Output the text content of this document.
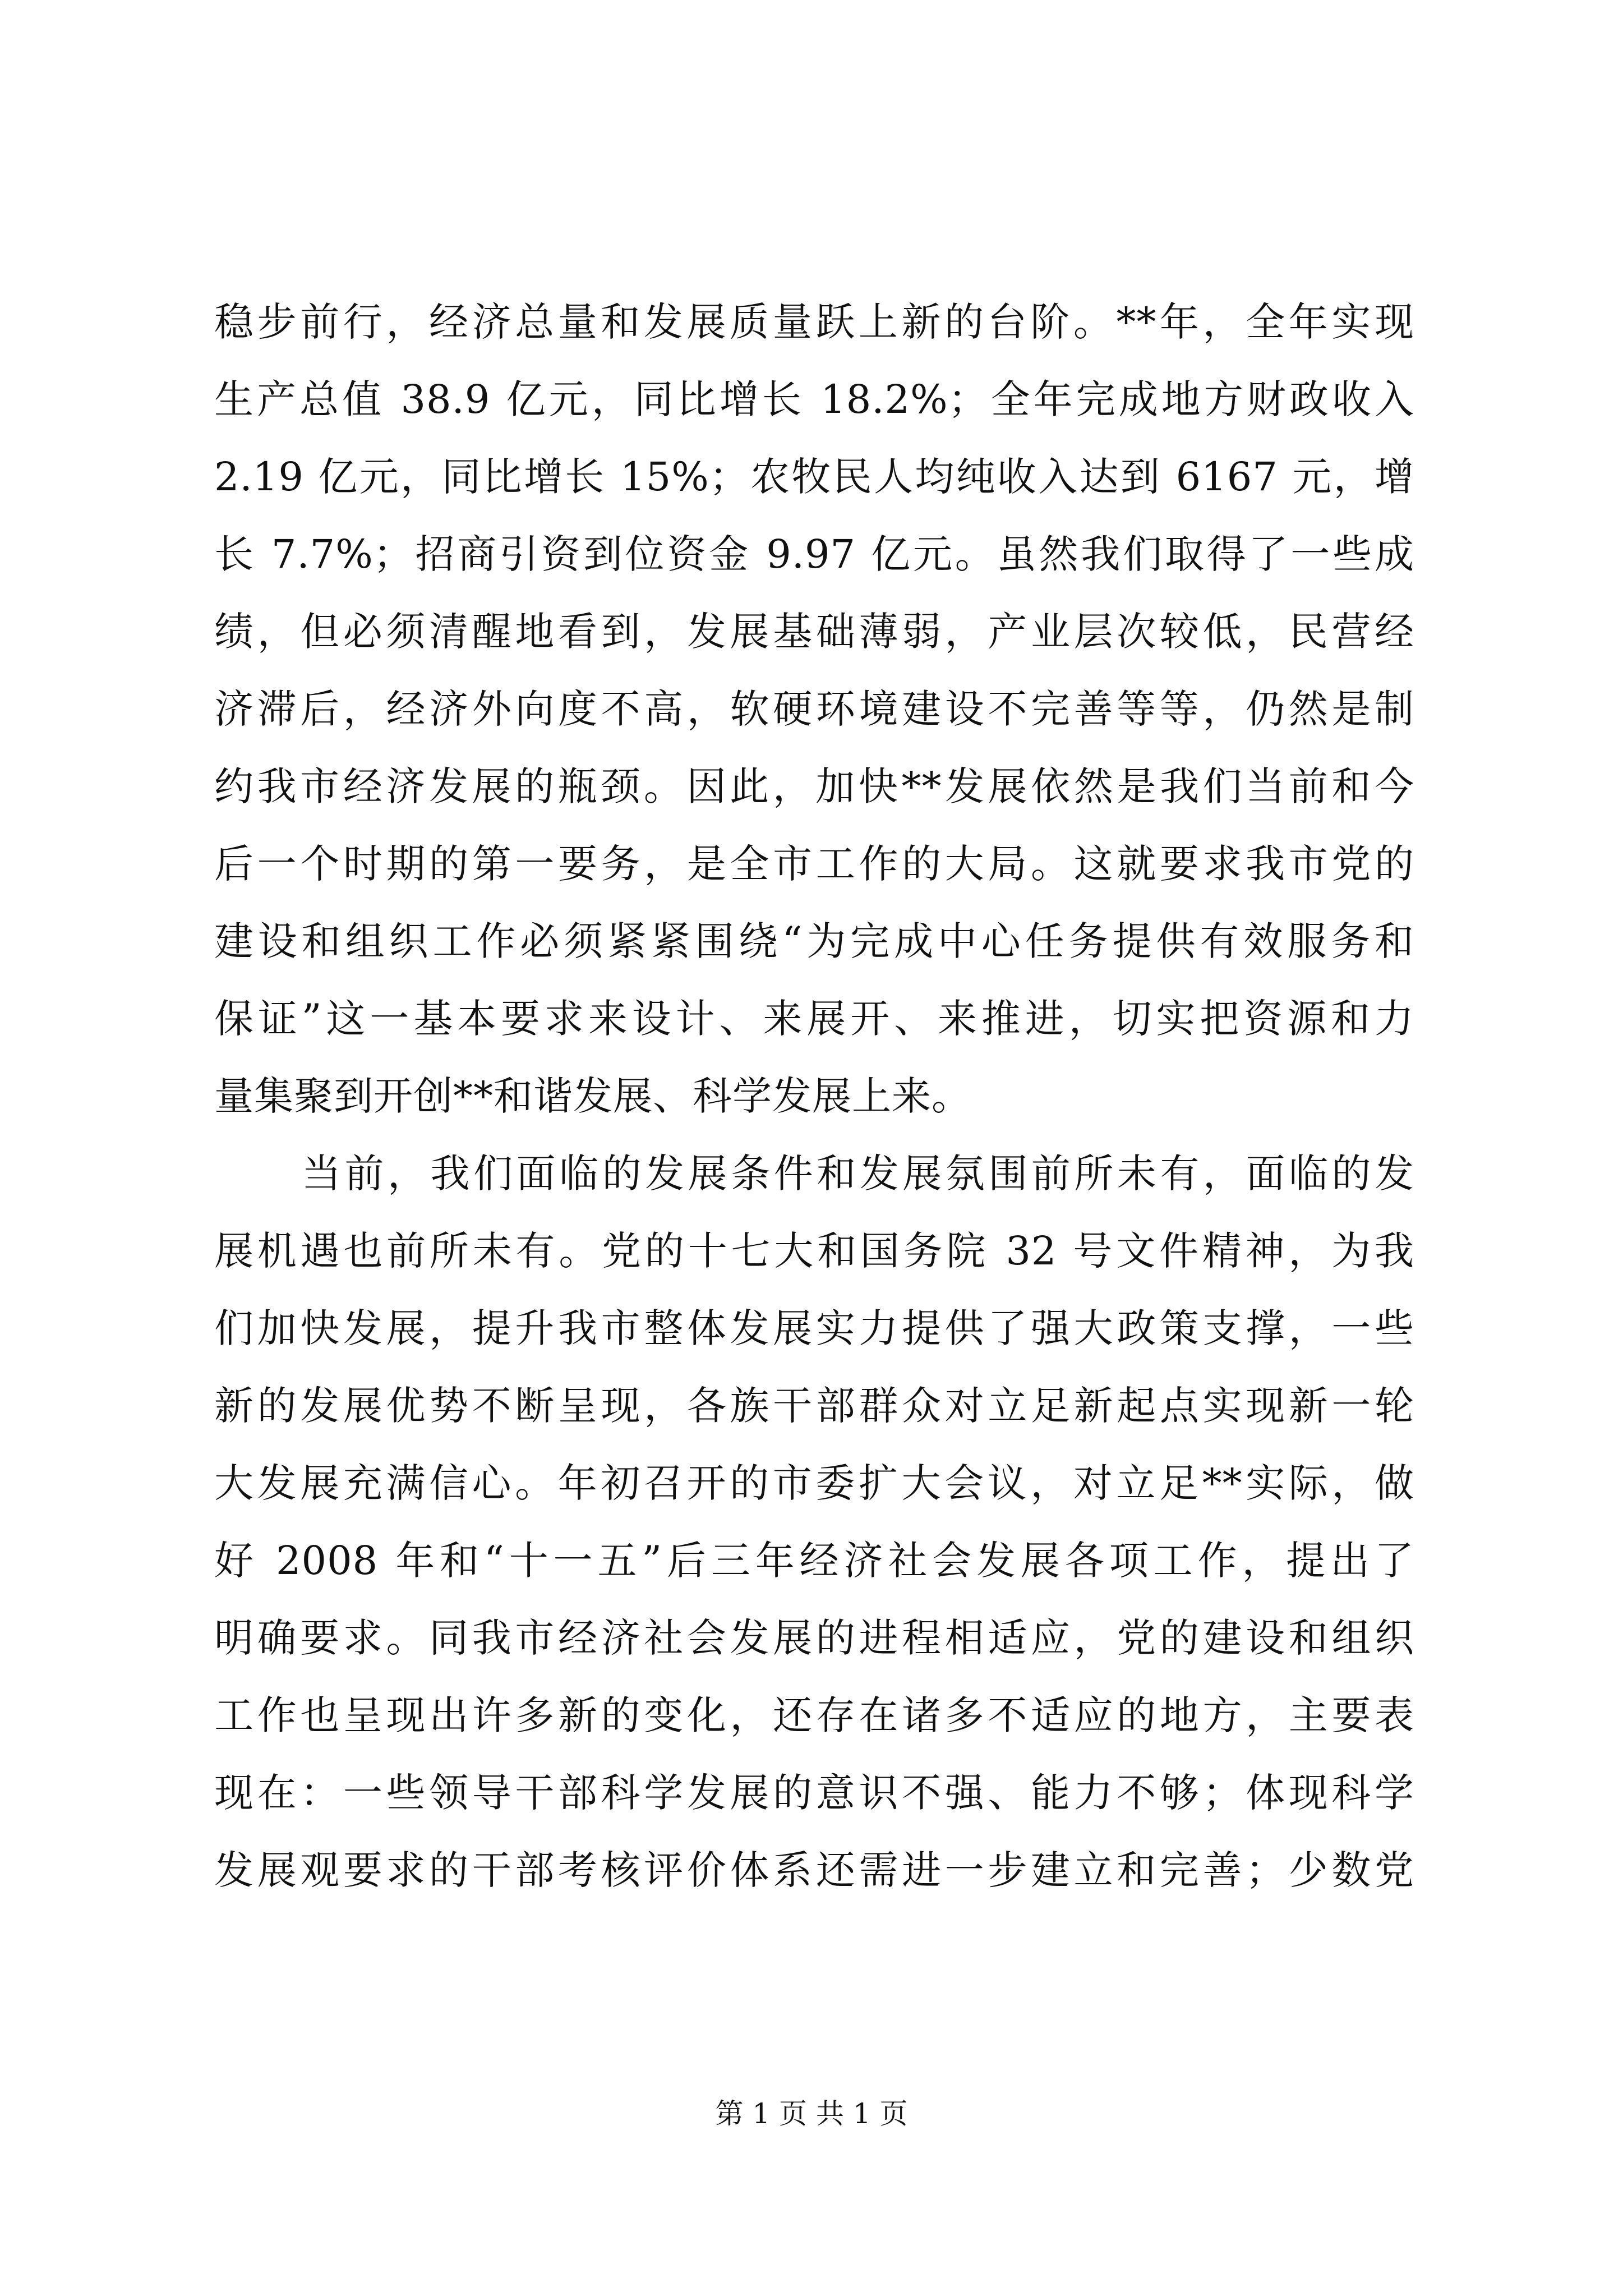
稳步前行，经济总量和发展质量跃上新的台阶。**年，全年实现
生产总值 38.9 亿元，同比增长 18.2%；全年完成地方财政收入
2.19 亿元，同比增长 15%；农牧民人均纯收入达到 6167 元，增
长 7.7%；招商引资到位资金 9.97 亿元。虽然我们取得了一些成
绩，但必须清醒地看到，发展基础薄弱，产业层次较低，民营经
济滞后，经济外向度不高，软硬环境建设不完善等等，仍然是制
约我市经济发展的瓶颈。因此，加快**发展依然是我们当前和今
后一个时期的第一要务，是全市工作的大局。这就要求我市党的
建设和组织工作必须紧紧围绕“为完成中心任务提供有效服务和
保证”这一基本要求来设计、来展开、来推进，切实把资源和力
量集聚到开创**和谐发展、科学发展上来。
当前，我们面临的发展条件和发展氛围前所未有，面临的发
展机遇也前所未有。党的十七大和国务院 32 号文件精神，为我
们加快发展，提升我市整体发展实力提供了强大政策支撑，一些
新的发展优势不断呈现，各族干部群众对立足新起点实现新一轮
大发展充满信心。年初召开的市委扩大会议，对立足**实际，做
好 2008 年和“十一五”后三年经济社会发展各项工作，提出了
明确要求。同我市经济社会发展的进程相适应，党的建设和组织
工作也呈现出许多新的变化，还存在诸多不适应的地方，主要表
现在：一些领导干部科学发展的意识不强、能力不够；体现科学
发展观要求的干部考核评价体系还需进一步建立和完善；少数党
第 1 页 共 1 页
